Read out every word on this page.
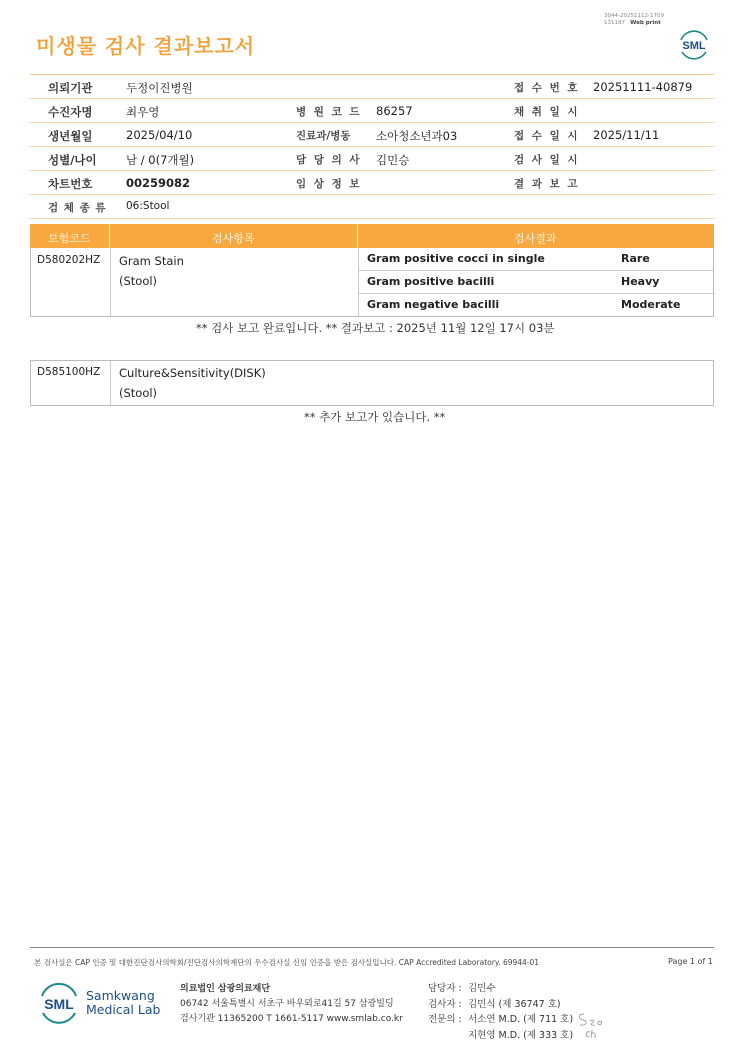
미생물 검사 결과보고서
3044-20251112-1709
131187 Web print
SML
의뢰기관	두정이진병원	접 수 번 호 20251111-40879
수진자명	최우영	병 원 코 드 86257	채 취 일 시
생년월일	2025/04/10	진료과/병동 소아청소년과03	접 수 일 시 2025/11/11
성별/나이	남 / 0(7개월)	담 당 의 사 김민승	검 사 일 시
차트번호	00259082	임 상 정 보	결 과 보 고
검 체 종 류 06:Stool
보험코드	검사항목	검사결과
D580202HZ Gram Stain
(Stool)
Gram positive cocci in single	Rare
Gram positive bacilli	Heavy
Gram negative bacilli	Moderate
** 검사 보고 완료입니다. ** 결과보고 : 2025년 11월 12일 17시 03분
D585100HZ Culture&Sensitivity(DISK)
(Stool)
** 추가 보고가 있습니다. **
본 검사실은 CAP 인증 및 대한진단검사의학회/진단검사의학재단의 우수검사실 신임 인증을 받은 검사실입니다. CAP Accredited Laboratory. 69944-01	Page 1 of 1
SML
Samkwang
Medical Lab
의료법인 삼광의료재단
06742 서울특별시 서초구 바우뫼로41길 57 삼광빌딩
검사기관 11365200 T 1661-5117 www.smlab.co.kr
담당자 : 김민수
검사자 : 김민식 (제 36747 호)
전문의 : 서소연 M.D. (제 711 호)
지현영 M.D. (제 333 호)
